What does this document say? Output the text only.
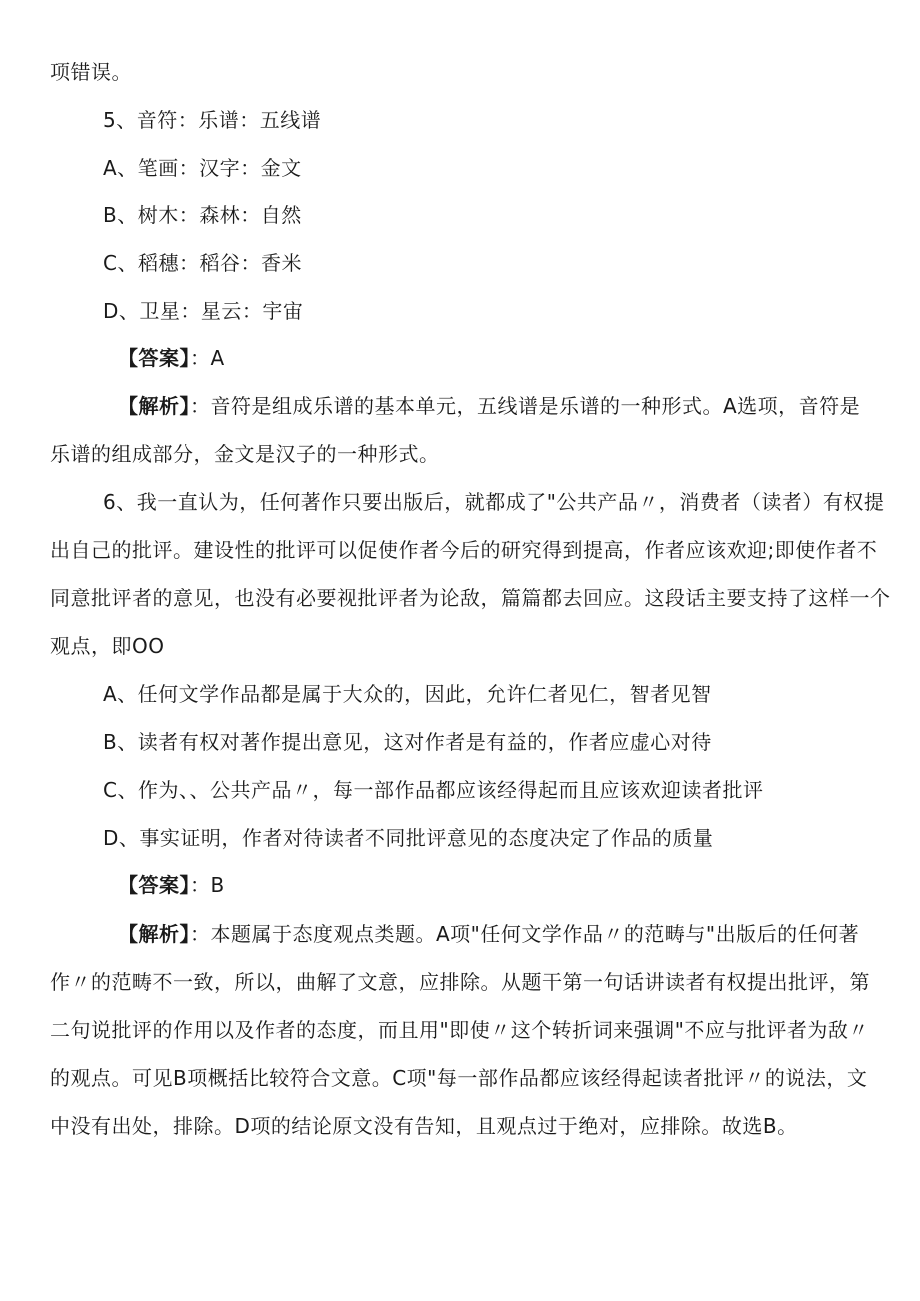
项错误。
5、音符：乐谱：五线谱
A、笔画：汉字：金文
B、树木：森林：自然
C、稻穗：稻谷：香米
D、卫星：星云：宇宙
【答案】：A
【解析】：音符是组成乐谱的基本单元，五线谱是乐谱的一种形式。A选项，音符是
乐谱的组成部分，金文是汉子的一种形式。
6、我一直认为，任何著作只要出版后，就都成了"公共产品〃，消费者（读者）有权提
出自己的批评。建设性的批评可以促使作者今后的研究得到提高，作者应该欢迎;即使作者不
同意批评者的意见，也没有必要视批评者为论敌，篇篇都去回应。这段话主要支持了这样一个
观点，即OO
A、任何文学作品都是属于大众的，因此，允许仁者见仁，智者见智
B、读者有权对著作提出意见，这对作者是有益的，作者应虚心对待
C、作为、、公共产品〃，每一部作品都应该经得起而且应该欢迎读者批评
D、事实证明，作者对待读者不同批评意见的态度决定了作品的质量
【答案】：B
【解析】：本题属于态度观点类题。A项"任何文学作品〃的范畴与"出版后的任何著
作〃的范畴不一致，所以，曲解了文意，应排除。从题干第一句话讲读者有权提出批评，第
二句说批评的作用以及作者的态度，而且用"即使〃这个转折词来强调"不应与批评者为敌〃
的观点。可见B项概括比较符合文意。C项"每一部作品都应该经得起读者批评〃的说法，文
中没有出处，排除。D项的结论原文没有告知，且观点过于绝对，应排除。故选B。
